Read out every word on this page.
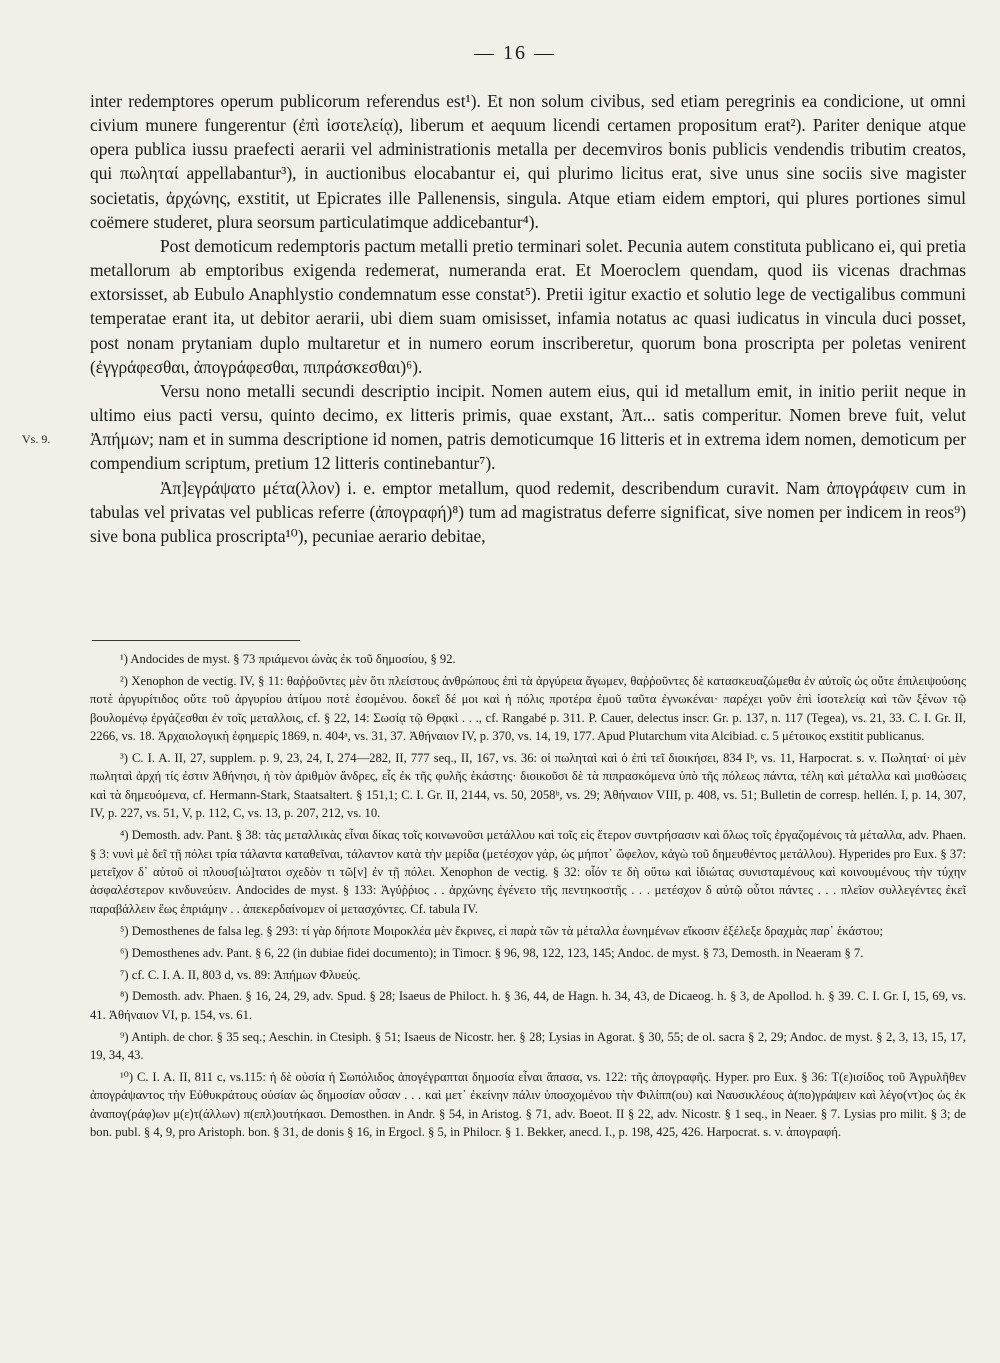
— 16 —
Vs. 9.

inter redemptores operum publicorum referendus est¹). Et non solum civibus, sed etiam peregrinis ea condicione, ut omni civium munere fungerentur (ἐπὶ ἰσοτελείᾳ), liberum et aequum licendi certamen propositum erat²). Pariter denique atque opera publica iussu praefecti aerarii vel administrationis metalla per decemviros bonis publicis vendendis tributim creatos, qui πωληταί appellabantur³), in auctionibus elocabantur ei, qui plurimo licitus erat, sive unus sine sociis sive magister societatis, ἀρχώνης, exstitit, ut Epicrates ille Pallenensis, singula. Atque etiam eidem emptori, qui plures portiones simul coëmere studeret, plura seorsum particulatimque addicebantur⁴).

Post demoticum redemptoris pactum metalli pretio terminari solet. Pecunia autem constituta publicano ei, qui pretia metallorum ab emptoribus exigenda redemerat, numeranda erat. Et Moeroclem quendam, quod iis vicenas drachmas extorsisset, ab Eubulo Anaphlystio condemnatum esse constat⁵). Pretii igitur exactio et solutio lege de vectigalibus communi temperatae erant ita, ut debitor aerarii, ubi diem suam omisisset, infamia notatus ac quasi iudicatus in vincula duci posset, post nonam prytaniam duplo multaretur et in numero eorum inscriberetur, quorum bona proscripta per poletas venirent (ἐγγράφεσθαι, ἀπογράφεσθαι, πιπράσκεσθαι)⁶).

Versu nono metalli secundi descriptio incipit. Nomen autem eius, qui id metallum emit, in initio periit neque in ultimo eius pacti versu, quinto decimo, ex litteris primis, quae exstant, Ἀπ... satis comperitur. Nomen breve fuit, velut Ἀπήμων; nam et in summa descriptione id nomen, patris demoticumque 16 litteris et in extrema idem nomen, demoticum per compendium scriptum, pretium 12 litteris continebantur⁷).

Ἀπ]εγράψατο μέτα(λλον) i. e. emptor metallum, quod redemit, describendum curavit. Nam ἀπογράφειν cum in tabulas vel privatas vel publicas referre (ἀπογραφή)⁸) tum ad magistratus deferre significat, sive nomen per indicem in reos⁹) sive bona publica proscripta¹⁰), pecuniae aerario debitae,

¹) Andocides de myst. § 73 πριάμενοι ὠνὰς ἐκ τοῦ δημοσίου, § 92.

²) Xenophon de vectig. IV, § 11: θαῤῥοῦντες μὲν ὅτι πλείστους ἀνθρώπους ἐπὶ τὰ ἀργύρεια ἄγωμεν, θαῤῥοῦντες δὲ κατασκευαζώμεθα ἐν αὐτοῖς ὡς οὔτε ἐπιλειψούσης ποτὲ ἀργυρίτιδος οὔτε τοῦ ἀργυρίου ἀτίμου ποτὲ ἐσομένου. δοκεῖ δέ μοι καὶ ἡ πόλις προτέρα ἐμοῦ ταῦτα ἐγνωκέναι· παρέχει γοῦν ἐπὶ ἰσοτελείᾳ καὶ τῶν ξένων τῷ βουλομένῳ ἐργάζεσθαι ἐν τοῖς μεταλλοις, cf. § 22, 14: Σωσίᾳ τῷ Θρᾳκὶ . . ., cf. Rangabé p. 311. P. Cauer, delectus inscr. Gr. p. 137, n. 117 (Tegea), vs. 21, 33. C. I. Gr. II, 2266, vs. 18. Ἀρχαιολογικὴ ἐφημερίς 1869, n. 404ᵃ, vs. 31, 37. Ἀθήναιον IV, p. 370, vs. 14, 19, 177. Apud Plutarchum vita Alcibiad. c. 5 μέτοικος exstitit publicanus.

³) C. I. A. II, 27, supplem. p. 9, 23, 24, I, 274—282, II, 777 seq., II, 167, vs. 36: οἱ πωληταὶ καὶ ὁ ἐπὶ τεῖ διοικήσει, 834 Iᵇ, vs. 11, Harpocrat. s. v. Πωληταί· οἱ μὲν πωληταὶ ἀρχή τίς ἐστιν Ἀθήνησι, ἡ τὸν ἀριθμὸν ἄνδρες, εἷς ἐκ τῆς φυλῆς ἑκάστης· διοικοῦσι δὲ τὰ πιπρασκόμενα ὑπὸ τῆς πόλεως πάντα, τέλη καὶ μέταλλα καὶ μισθώσεις καὶ τὰ δημευόμενα, cf. Hermann-Stark, Staatsaltert. § 151,1; C. I. Gr. II, 2144, vs. 50, 2058ᵇ, vs. 29; Ἀθήναιον VIII, p. 408, vs. 51; Bulletin de corresp. hellén. I, p. 14, 307, IV, p. 227, vs. 51, V, p. 112, C, vs. 13, p. 207, 212, vs. 10.

⁴) Demosth. adv. Pant. § 38: τὰς μεταλλικὰς εἶναι δίκας τοῖς κοινωνοῦσι μετάλλου καὶ τοῖς εἰς ἕτερον συντρήσασιν καὶ ὅλως τοῖς ἐργαζομένοις τὰ μέταλλα, adv. Phaen. § 3: νυνὶ μὲ δεῖ τῇ πόλει τρία τάλαντα καταθεῖναι, τάλαντον κατὰ τὴν μερίδα (μετέσχον γάρ, ὡς μήποτ᾽ ὤφελον, κἀγὼ τοῦ δημευθέντος μετάλλου). Hyperides pro Eux. § 37: μετεῖχον δ᾽ αὐτοῦ οἱ πλουσ[ιώ]τατοι σχεδὸν τι τῶ[ν] ἐν τῇ πόλει. Xenophon de vectig. § 32: οἷόν τε δὴ οὕτω καὶ ἰδιώτας συνισταμένους καὶ κοινουμένους τὴν τύχην ἀσφαλέστερον κινδυνεύειν. Andocides de myst. § 133: Ἀγύῤῥιος . . ἀρχώνης ἐγένετο τῆς πεντηκοστῆς . . . μετέσχον δ αὐτῷ οὗτοι πάντες . . . πλεῖον συλλεγέντες ἐκεῖ παραβάλλειν ἕως ἐπριάμην . . ἀπεκερδαίνομεν οἱ μετασχόντες. Cf. tabula IV.

⁵) Demosthenes de falsa leg. § 293: τί γὰρ δήποτε Μοιροκλέα μὲν ἔκρινες, εἰ παρὰ τῶν τὰ μέταλλα ἐωνημένων εἴκοσιν ἐξέλεξε δραχμὰς παρ᾽ ἑκάστου;

⁶) Demosthenes adv. Pant. § 6, 22 (in dubiae fidei documento); in Timocr. § 96, 98, 122, 123, 145; Andoc. de myst. § 73, Demosth. in Neaeram § 7.

⁷) cf. C. I. A. II, 803 d, vs. 89: Ἀπήμων Φλυεύς.

⁸) Demosth. adv. Phaen. § 16, 24, 29, adv. Spud. § 28; Isaeus de Philoct. h. § 36, 44, de Hagn. h. 34, 43, de Dicaeog. h. § 3, de Apollod. h. § 39. C. I. Gr. I, 15, 69, vs. 41. Ἀθήναιον VI, p. 154, vs. 61.

⁹) Antiph. de chor. § 35 seq.; Aeschin. in Ctesiph. § 51; Isaeus de Nicostr. her. § 28; Lysias in Agorat. § 30, 55; de ol. sacra § 2, 29; Andoc. de myst. § 2, 3, 13, 15, 17, 19, 34, 43.

¹⁰) C. I. A. II, 811 c, vs.115: ἡ δὲ οὐσία ἡ Σωπόλιδος ἀπογέγραπται δημοσία εἶναι ἅπασα, vs. 122: τῆς ἀπογραφῆς. Hyper. pro Eux. § 36: Τ(ε)ισίδος τοῦ Ἀγρυλῆθεν ἀπογράψαντος τὴν Εὐθυκράτους οὐσίαν ὡς δημοσίαν οὖσαν . . . καὶ μετ᾽ ἐκείνην πάλιν ὑποσχομένου τὴν Φιλίππ(ου) καὶ Ναυσικλέους ἀ(πο)γράψειν καὶ λέγο(ντ)ος ὡς ἐκ ἀναπογ(ράφ)ων μ(ε)τ(άλλων) π(επλ)ουτήκασι. Demosthen. in Andr. § 54, in Aristog. § 71, adv. Boeot. II § 22, adv. Nicostr. § 1 seq., in Neaer. § 7. Lysias pro milit. § 3; de bon. publ. § 4, 9, pro Aristoph. bon. § 31, de donis § 16, in Ergocl. § 5, in Philocr. § 1. Bekker, anecd. I., p. 198, 425, 426. Harpocrat. s. v. ἀπογραφή.
